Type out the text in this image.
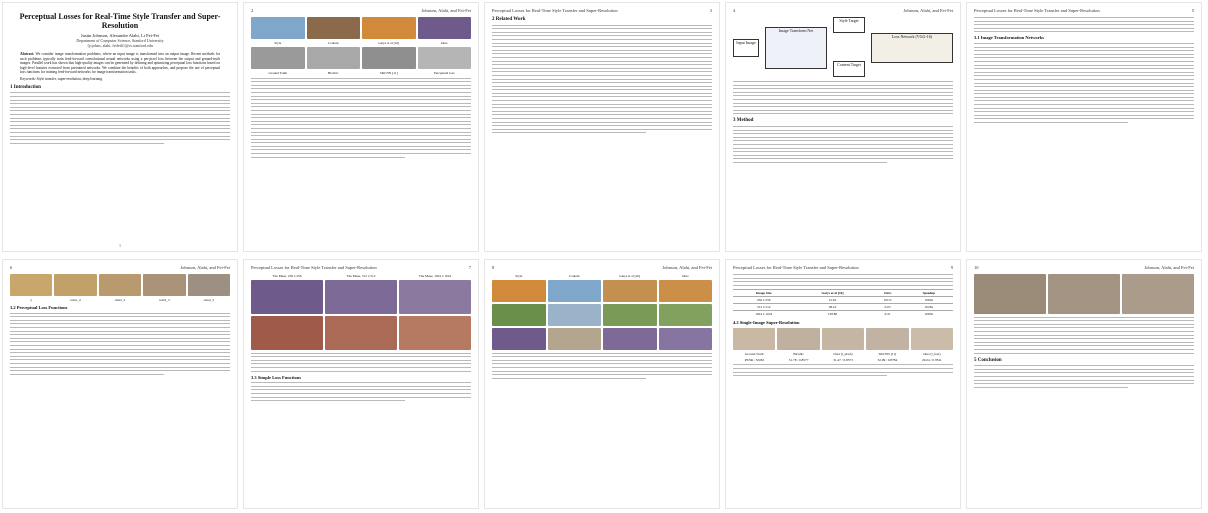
Perceptual Losses for Real-Time Style Transfer and Super-Resolution
Justin Johnson, Alexandre Alahi, Li Fei-Fei
Department of Computer Science, Stanford University
{jcjohns, alahi, feifeili}@cs.stanford.edu
Abstract. We consider image transformation problems, where an input image is transformed into an output image. Recent methods for such problems typically train feed-forward convolutional neural networks using a per-pixel loss between the output and ground-truth images. Parallel work has shown that high-quality images can be generated by defining and optimizing perceptual loss functions based on high-level features extracted from pretrained networks. We combine the benefits of both approaches, and propose the use of perceptual loss functions for training feed-forward networks for image transformation tasks.
Keywords: Style transfer, super-resolution, deep learning
1 Introduction
1
2	Johnson, Alahi, and Fei-Fei
Style	Content	Gatys et al [10]	Ours
Ground Truth	Bicubic	SRCNN [11]	Perceptual loss
Perceptual Losses for Real-Time Style Transfer and Super-Resolution	3
2 Related Work
4	Johnson, Alahi, and Fei-Fei
Input Image
Image Transform Net
Style Target
Content Target
Loss Network (VGG-16)
3 Method
Perceptual Losses for Real-Time Style Transfer and Super-Resolution	5
3.1 Image Transformation Networks
6	Johnson, Alahi, and Fei-Fei
y	relu1_2	relu2_2	relu3_3	relu4_3
3.2 Perceptual Loss Functions
Perceptual Losses for Real-Time Style Transfer and Super-Resolution	7
The Muse, 256 x 256	The Muse, 512 x 512	The Muse, 1024 x 1024
3.3 Simple Loss Functions
8	Johnson, Alahi, and Fei-Fei
Style	Content	Gatys et al [10]	Ours
Perceptual Losses for Real-Time Style Transfer and Super-Resolution	9
Image Size	Gatys et al [10]	Ours	Speedup
256 x 256	12.02	0.015	1060x
512 x 512	28.10	0.05	1026x
1024 x 1024	128.80	0.21	1060x
4.2 Single-Image Super-Resolution
Ground Truth	Bicubic	Ours (l_pixel)	SRCNN [11]	Ours (l_feat)
PSNR / SSIM	31.78 / 0.8577	31.47 / 0.8573	32.99 / 0.8784	29.24 / 0.7841
10	Johnson, Alahi, and Fei-Fei
5 Conclusion
